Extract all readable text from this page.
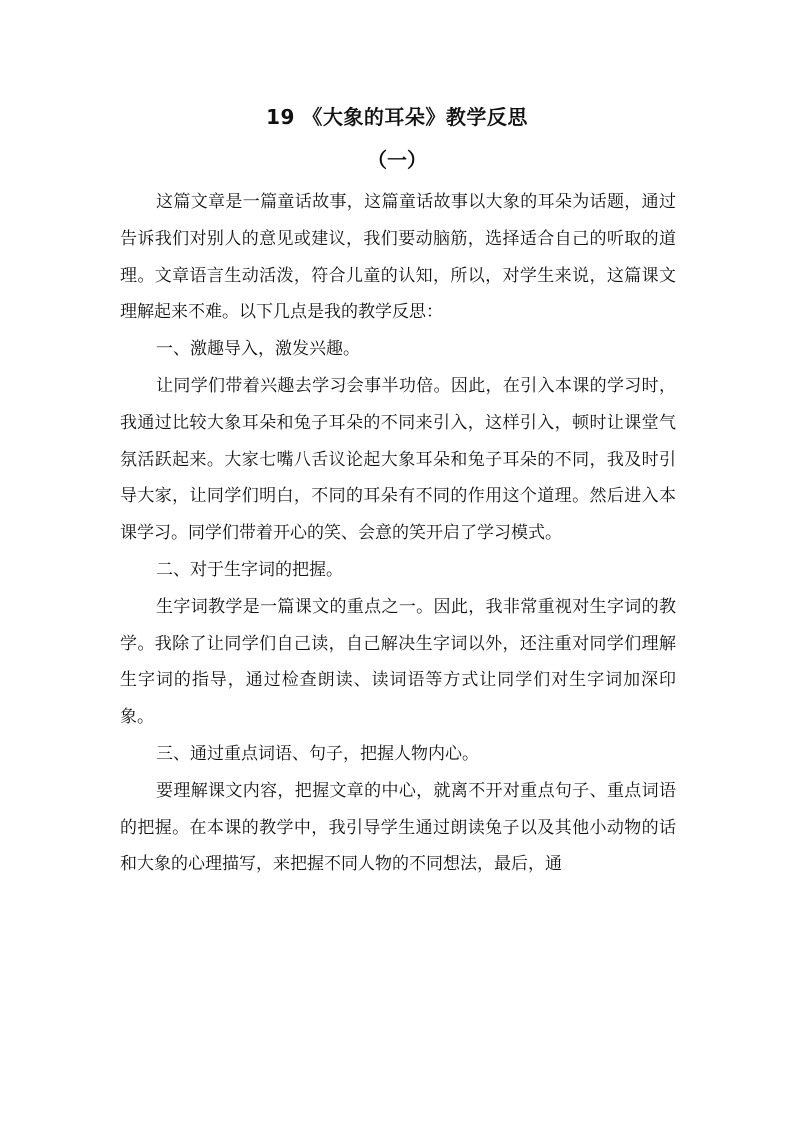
19 《大象的耳朵》教学反思
（一）

这篇文章是一篇童话故事，这篇童话故事以大象的耳朵为话题，通过告诉我们对别人的意见或建议，我们要动脑筋，选择适合自己的听取的道理。文章语言生动活泼，符合儿童的认知，所以，对学生来说，这篇课文理解起来不难。以下几点是我的教学反思：

一、激趣导入，激发兴趣。

让同学们带着兴趣去学习会事半功倍。因此，在引入本课的学习时，我通过比较大象耳朵和兔子耳朵的不同来引入，这样引入，顿时让课堂气氛活跃起来。大家七嘴八舌议论起大象耳朵和兔子耳朵的不同，我及时引导大家，让同学们明白，不同的耳朵有不同的作用这个道理。然后进入本课学习。同学们带着开心的笑、会意的笑开启了学习模式。

二、对于生字词的把握。

生字词教学是一篇课文的重点之一。因此，我非常重视对生字词的教学。我除了让同学们自己读，自己解决生字词以外，还注重对同学们理解生字词的指导，通过检查朗读、读词语等方式让同学们对生字词加深印象。

三、通过重点词语、句子，把握人物内心。

要理解课文内容，把握文章的中心，就离不开对重点句子、重点词语的把握。在本课的教学中，我引导学生通过朗读兔子以及其他小动物的话和大象的心理描写，来把握不同人物的不同想法，最后，通
